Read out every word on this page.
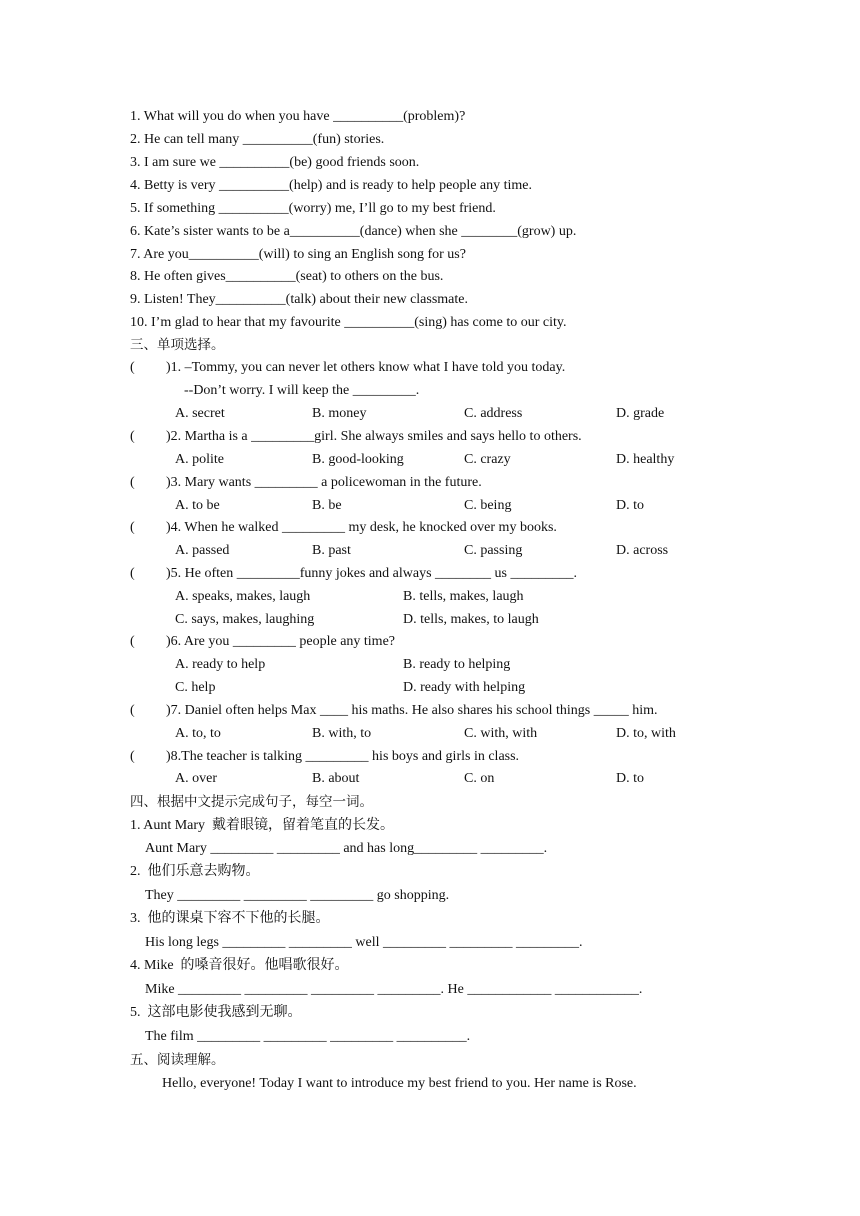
1. What will you do when you have __________(problem)?
2. He can tell many __________(fun) stories.
3. I am sure we __________(be) good friends soon.
4. Betty is very __________(help) and is ready to help people any time.
5. If something __________(worry) me, I’ll go to my best friend.
6. Kate’s sister wants to be a__________(dance) when she ________(grow) up.
7. Are you__________(will) to sing an English song for us?
8. He often gives__________(seat) to others on the bus.
9. Listen! They__________(talk) about their new classmate.
10. I’m glad to hear that my favourite __________(sing) has come to our city.
三、单项选择。
( )1. –Tommy, you can never let others know what I have told you today.
--Don’t worry. I will keep the _________.
A. secret	B. money	C. address	D. grade
( )2. Martha is a _________girl. She always smiles and says hello to others.
A. polite	B. good-looking	C. crazy	D. healthy
( )3. Mary wants _________ a policewoman in the future.
A. to be	B. be	C. being	D. to
( )4. When he walked _________ my desk, he knocked over my books.
A. passed	B. past	C. passing	D. across
( )5. He often _________funny jokes and always ________ us _________.
A. speaks, makes, laugh	B. tells, makes, laugh
C. says, makes, laughing	D. tells, makes, to laugh
( )6. Are you _________ people any time?
A. ready to help	B. ready to helping
C. help	D. ready with helping
( )7. Daniel often helps Max ____ his maths. He also shares his school things _____ him.
A. to, to	B. with, to	C. with, with	D. to, with
( )8.The teacher is talking _________ his boys and girls in class.
A. over	B. about	C. on	D. to
四、根据中文提示完成句子，每空一词。
1. Aunt Mary  戴着眼镜，留着笔直的长发。
Aunt Mary _________ _________ and has long_________ _________.
2.  他们乐意去购物。
They _________ _________ _________ go shopping.
3.  他的课桌下容不下他的长腿。
His long legs _________ _________ well _________ _________ _________.
4. Mike  的嗓音很好。他唱歌很好。
Mike _________ _________ _________ _________. He ____________ ____________.
5.  这部电影使我感到无聊。
The film _________ _________ _________ __________.
五、阅读理解。
Hello, everyone! Today I want to introduce my best friend to you. Her name is Rose.
